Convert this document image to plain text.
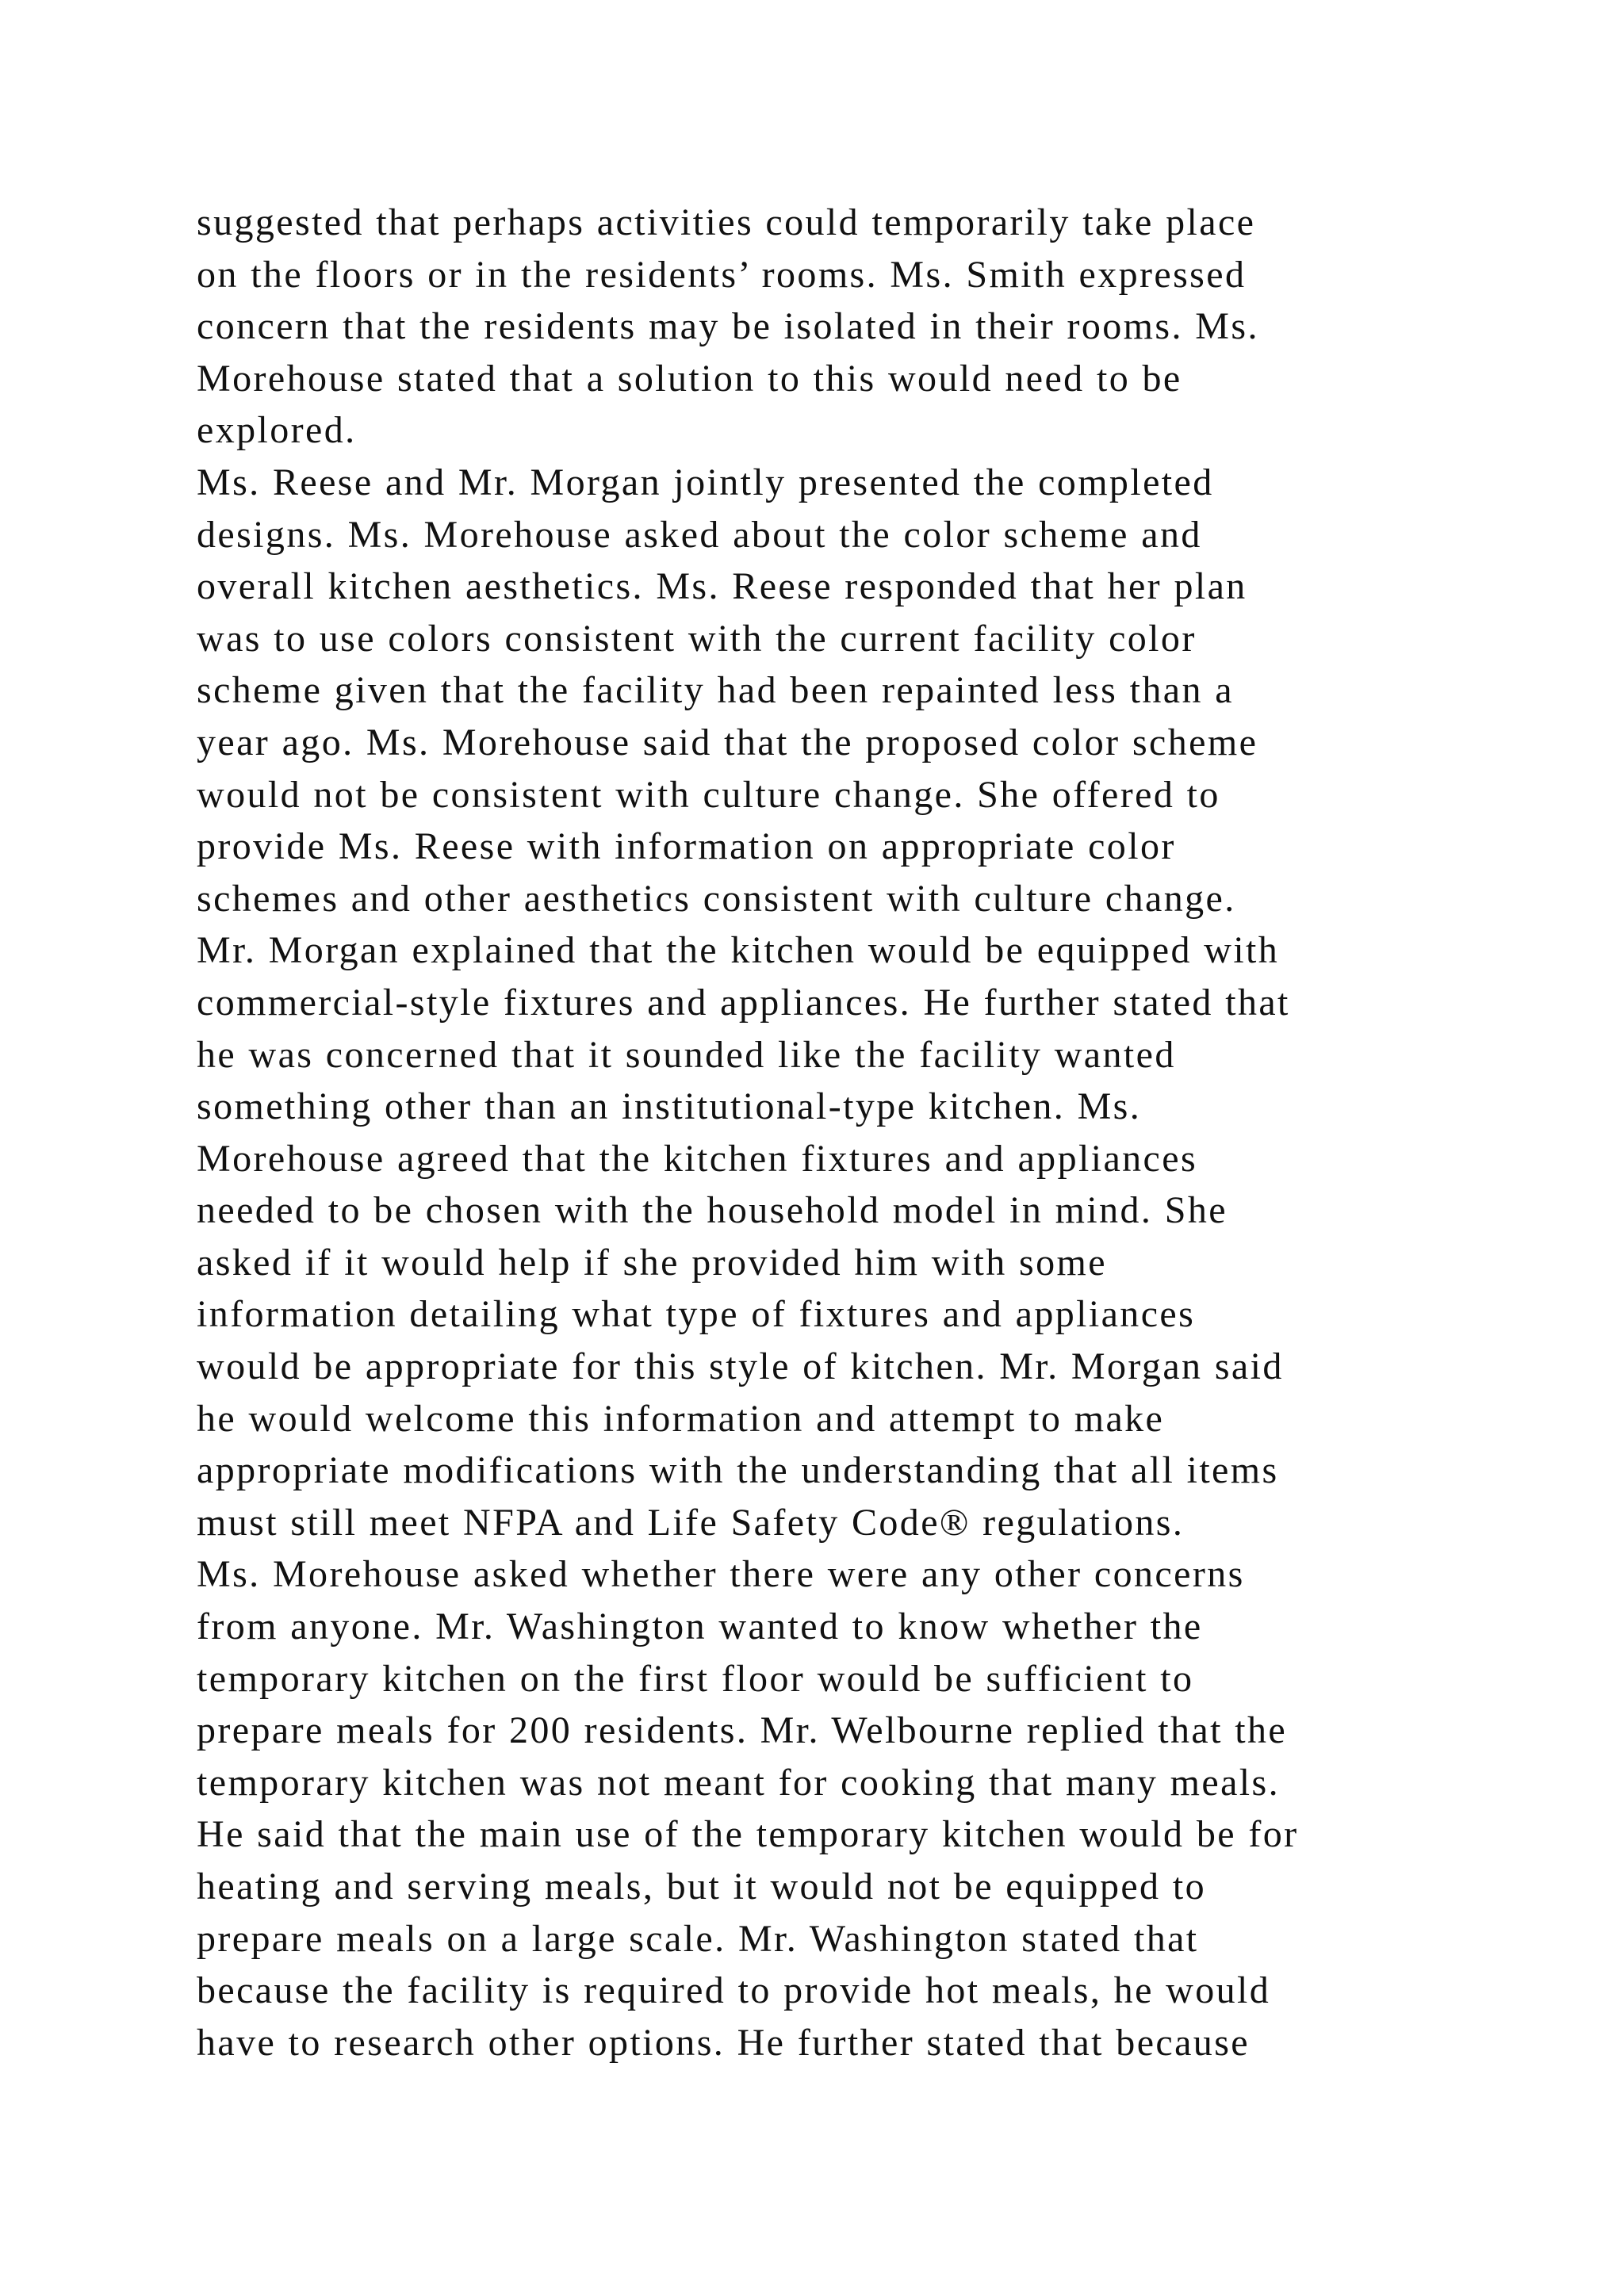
suggested that perhaps activities could temporarily take place
on the floors or in the residents’ rooms. Ms. Smith expressed
concern that the residents may be isolated in their rooms. Ms.
Morehouse stated that a solution to this would need to be
explored.
Ms. Reese and Mr. Morgan jointly presented the completed
designs. Ms. Morehouse asked about the color scheme and
overall kitchen aesthetics. Ms. Reese responded that her plan
was to use colors consistent with the current facility color
scheme given that the facility had been repainted less than a
year ago. Ms. Morehouse said that the proposed color scheme
would not be consistent with culture change. She offered to
provide Ms. Reese with information on appropriate color
schemes and other aesthetics consistent with culture change.
Mr. Morgan explained that the kitchen would be equipped with
commercial-style fixtures and appliances. He further stated that
he was concerned that it sounded like the facility wanted
something other than an institutional-type kitchen. Ms.
Morehouse agreed that the kitchen fixtures and appliances
needed to be chosen with the household model in mind. She
asked if it would help if she provided him with some
information detailing what type of fixtures and appliances
would be appropriate for this style of kitchen. Mr. Morgan said
he would welcome this information and attempt to make
appropriate modifications with the understanding that all items
must still meet NFPA and Life Safety Code® regulations.
Ms. Morehouse asked whether there were any other concerns
from anyone. Mr. Washington wanted to know whether the
temporary kitchen on the first floor would be sufficient to
prepare meals for 200 residents. Mr. Welbourne replied that the
temporary kitchen was not meant for cooking that many meals.
He said that the main use of the temporary kitchen would be for
heating and serving meals, but it would not be equipped to
prepare meals on a large scale. Mr. Washington stated that
because the facility is required to provide hot meals, he would
have to research other options. He further stated that because
